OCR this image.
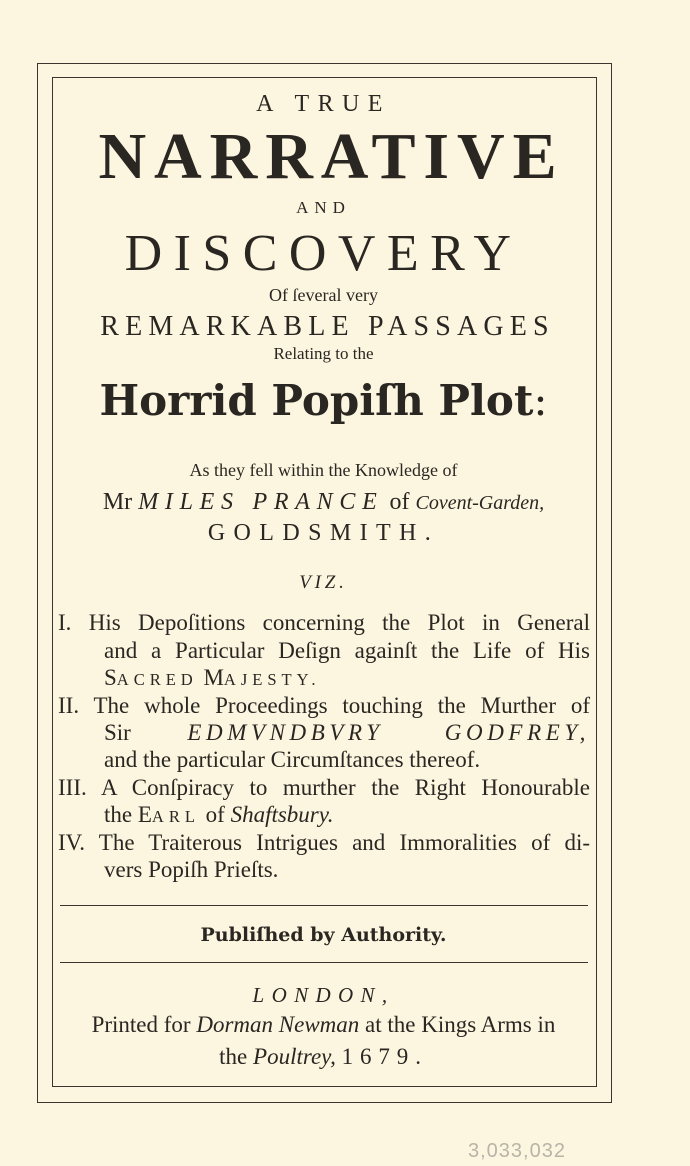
A TRUE
NARRATIVE
AND
DISCOVERY
Of ſeveral very
REMARKABLE PASSAGES
Relating to the
Horrid Popiſh Plot:
As they fell within the Knowledge of
Mr MILES PRANCE of Covent-Garden,
GOLDSMITH.
VIZ.
I. His Depoſitions concerning the Plot in General
and a Particular Deſign againſt the Life of His
SACRED MAJESTY.
II. The whole Proceedings touching the Murther of
Sir EDMVNDBVRY GODFREY,
and the particular Circumſtances thereof.
III. A Conſpiracy to murther the Right Honourable
the EARL of Shaftsbury.
IV. The Traiterous Intrigues and Immoralities of di-
vers Popiſh Prieſts.
Publiſhed by Authority.
LONDON,
Printed for Dorman Newman at the Kings Arms in
the Poultrey, 1679.
3,033,032
